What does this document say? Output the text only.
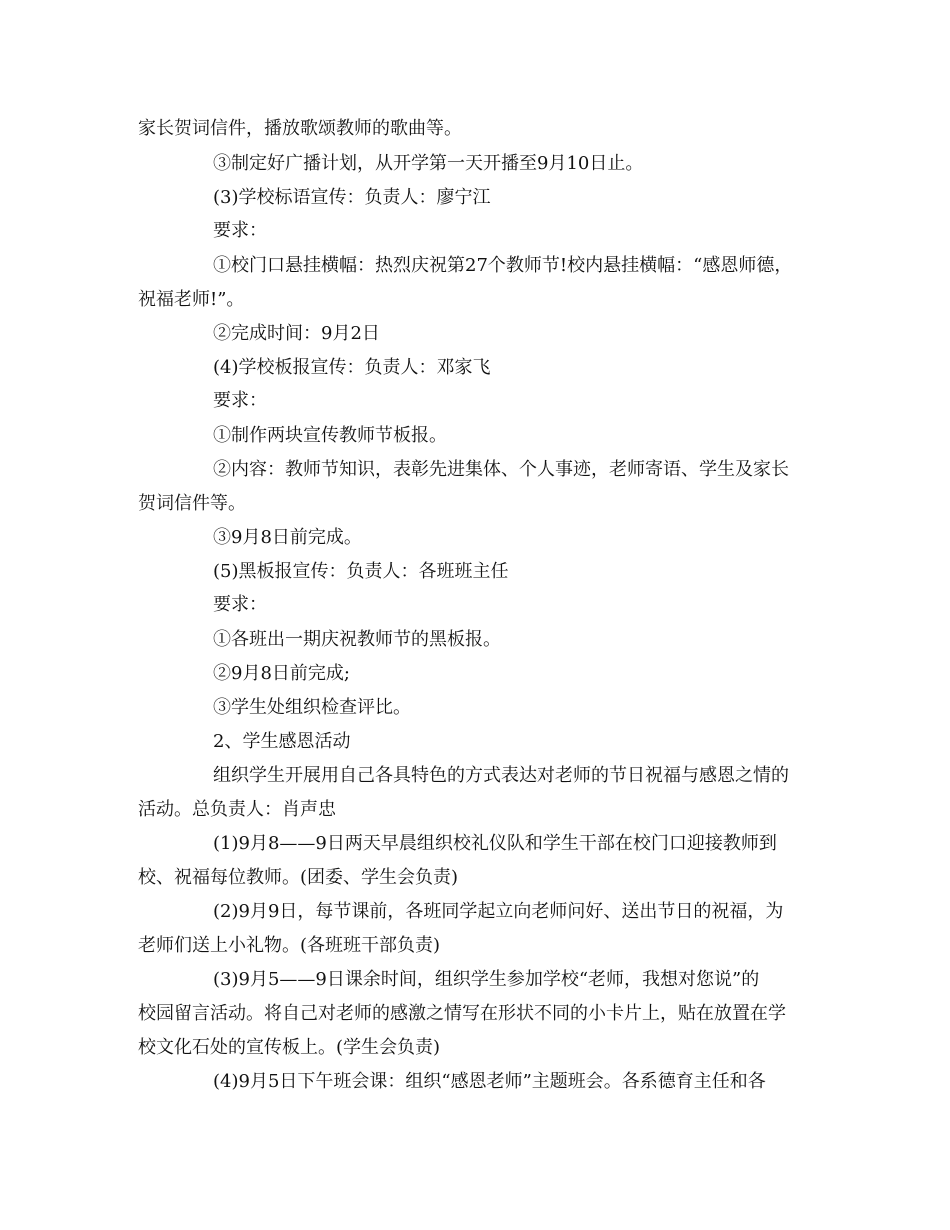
家长贺词信件，播放歌颂教师的歌曲等。
③制定好广播计划，从开学第一天开播至9月10日止。
(3)学校标语宣传：负责人：廖宁江
要求：
①校门口悬挂横幅：热烈庆祝第27个教师节!校内悬挂横幅：“感恩师德，
祝福老师!”。
②完成时间：9月2日
(4)学校板报宣传：负责人：邓家飞
要求：
①制作两块宣传教师节板报。
②内容：教师节知识，表彰先进集体、个人事迹，老师寄语、学生及家长
贺词信件等。
③9月8日前完成。
(5)黑板报宣传：负责人：各班班主任
要求：
①各班出一期庆祝教师节的黑板报。
②9月8日前完成;
③学生处组织检查评比。
2、学生感恩活动
组织学生开展用自己各具特色的方式表达对老师的节日祝福与感恩之情的
活动。总负责人：肖声忠
(1)9月8——9日两天早晨组织校礼仪队和学生干部在校门口迎接教师到
校、祝福每位教师。(团委、学生会负责)
(2)9月9日，每节课前，各班同学起立向老师问好、送出节日的祝福，为
老师们送上小礼物。(各班班干部负责)
(3)9月5——9日课余时间，组织学生参加学校“老师，我想对您说”的
校园留言活动。将自己对老师的感激之情写在形状不同的小卡片上，贴在放置在学
校文化石处的宣传板上。(学生会负责)
(4)9月5日下午班会课：组织“感恩老师”主题班会。各系德育主任和各
